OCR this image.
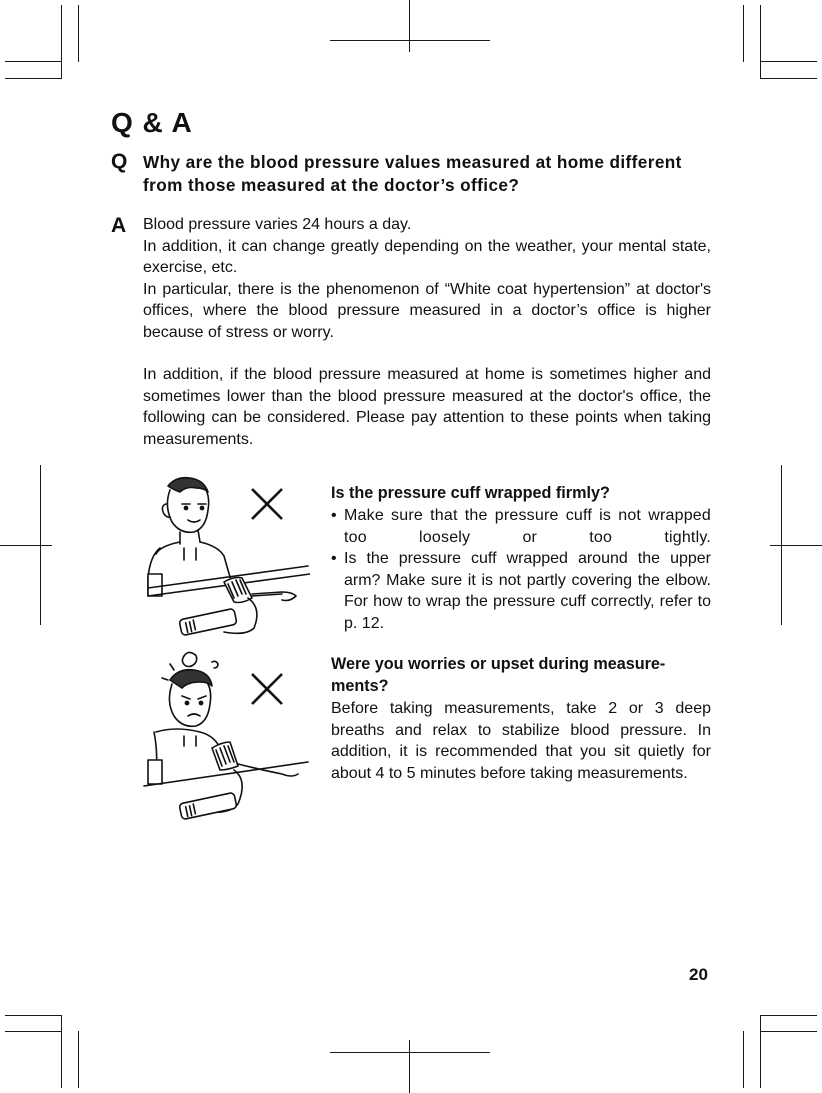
Q & A
Q Why are the blood pressure values measured at home different from those measured at the doctor’s office?

A Blood pressure varies 24 hours a day.

In addition, it can change greatly depending on the weather, your mental state, exercise, etc.

In particular, there is the phenomenon of “White coat hypertension” at doctor's offices, where the blood pressure measured in a doctor’s office is higher because of stress or worry.

In addition, if the blood pressure measured at home is sometimes higher and sometimes lower than the blood pressure measured at the doctor's office, the following can be considered. Please pay attention to these points when taking measurements.

Is the pressure cuff wrapped firmly?
• Make sure that the pressure cuff is not wrapped too loosely or too tightly.
• Is the pressure cuff wrapped around the upper arm? Make sure it is not partly covering the elbow. For how to wrap the pressure cuff correctly, refer to p. 12.
Were you worries or upset during measure-ments?

Before taking measurements, take 2 or 3 deep breaths and relax to stabilize blood pressure. In addition, it is recommended that you sit quietly for about 4 to 5 minutes before taking measurements.

20
